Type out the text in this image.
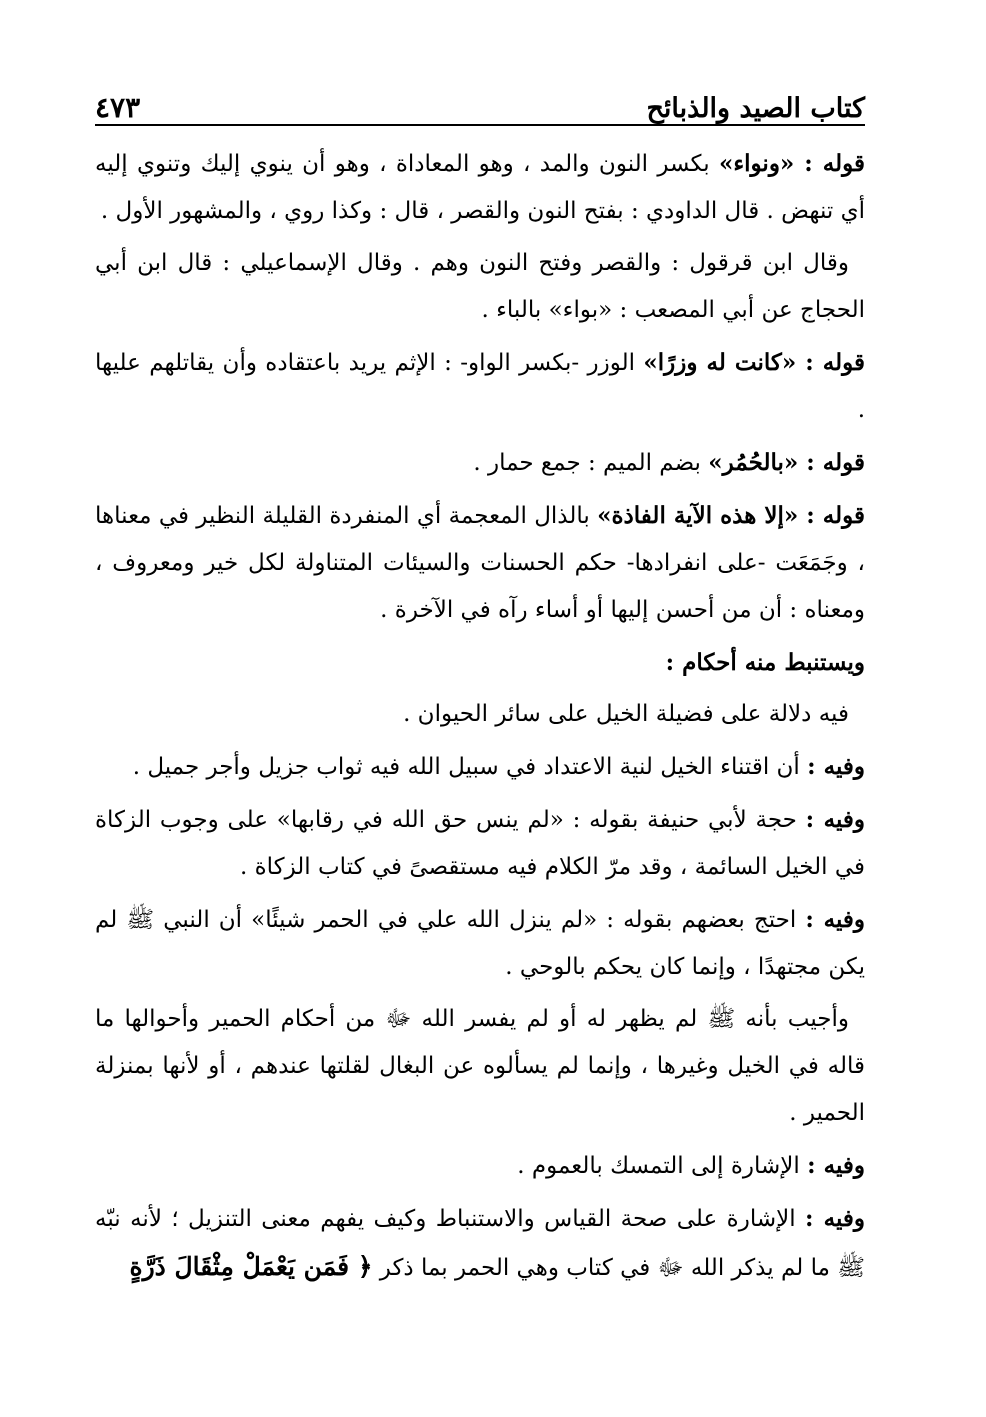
كتاب الصيد والذبائح
٤٧٣

قوله : «ونواء» بكسر النون والمد ، وهو المعاداة ، وهو أن ينوي إليك وتنوي إليه أي تنهض . قال الداودي : بفتح النون والقصر ، قال : وكذا روي ، والمشهور الأول .

وقال ابن قرقول : والقصر وفتح النون وهم . وقال الإسماعيلي : قال ابن أبي الحجاج عن أبي المصعب : «بواء» بالباء .

قوله : «كانت له وزرًا» الوزر -بكسر الواو- : الإثم يريد باعتقاده وأن يقاتلهم عليها .

قوله : «بالحُمُر» بضم الميم : جمع حمار .

قوله : «إلا هذه الآية الفاذة» بالذال المعجمة أي المنفردة القليلة النظير في معناها ، وجَمَعَت -على انفرادها- حكم الحسنات والسيئات المتناولة لكل خير ومعروف ، ومعناه : أن من أحسن إليها أو أساء رآه في الآخرة .

ويستنبط منه أحكام :

فيه دلالة على فضيلة الخيل على سائر الحيوان .

وفيه : أن اقتناء الخيل لنية الاعتداد في سبيل الله فيه ثواب جزيل وأجر جميل .

وفيه : حجة لأبي حنيفة بقوله : «لم ينس حق الله في رقابها» على وجوب الزكاة في الخيل السائمة ، وقد مرّ الكلام فيه مستقصىً في كتاب الزكاة .

وفيه : احتج بعضهم بقوله : «لم ينزل الله علي في الحمر شيئًا» أن النبي ﷺ لم يكن مجتهدًا ، وإنما كان يحكم بالوحي .

وأجيب بأنه ﷺ لم يظهر له أو لم يفسر الله ﷻ من أحكام الحمير وأحوالها ما قاله في الخيل وغيرها ، وإنما لم يسألوه عن البغال لقلتها عندهم ، أو لأنها بمنزلة الحمير .

وفيه : الإشارة إلى التمسك بالعموم .

وفيه : الإشارة على صحة القياس والاستنباط وكيف يفهم معنى التنزيل ؛ لأنه نبّه ﷺ ما لم يذكر الله ﷻ في كتاب وهي الحمر بما ذكر ﴿ فَمَن يَعْمَلْ مِثْقَالَ ذَرَّةٍ
